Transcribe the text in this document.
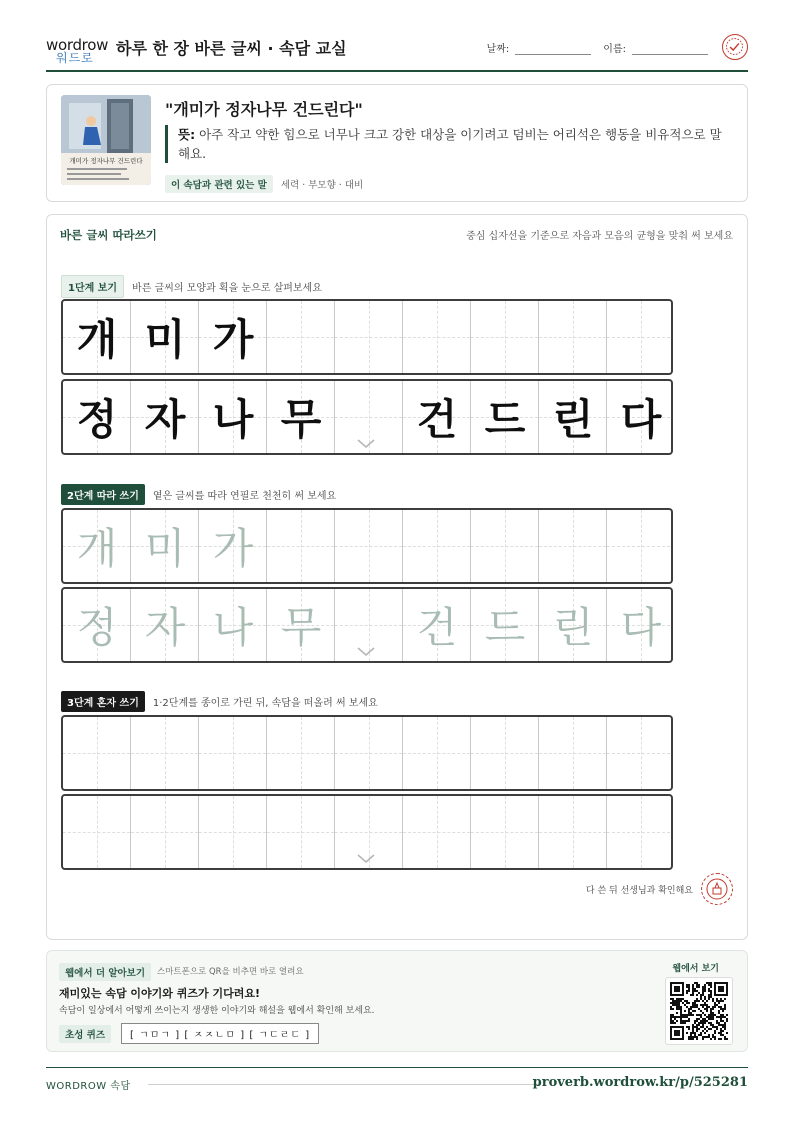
wordrow
워드로 하루 한 장 바른 글씨 · 속담 교실	날짜:	이름:
개미가 정자나무 건드린다
"개미가 정자나무 건드린다"
뜻: 아주 작고 약한 힘으로 너무나 크고 강한 대상을 이기려고 덤비는 어리석은 행동을 비유적으로 말해요.
이 속담과 관련 있는 말	세력 · 부모향 · 대비
바른 글씨 따라쓰기	중심 십자선을 기준으로 자음과 모음의 균형을 맞춰 써 보세요
1단계 보기	바른 글씨의 모양과 획을 눈으로 살펴보세요
개 미 가
정 자 나 무	건 드 린 다
2단계 따라 쓰기	옅은 글씨를 따라 연필로 천천히 써 보세요
개 미 가
정 자 나 무	건 드 린 다
3단계 혼자 쓰기	1·2단계를 종이로 가린 뒤, 속담을 떠올려 써 보세요
다 쓴 뒤 선생님과 확인해요
웹에서 더 알아보기	스마트폰으로 QR을 비추면 바로 열려요
재미있는 속담 이야기와 퀴즈가 기다려요!
속담이 일상에서 어떻게 쓰이는지 생생한 이야기와 해설을 웹에서 확인해 보세요.
초성 퀴즈	[ ㄱㅁㄱ ] [ ㅈㅈㄴㅁ ] [ ㄱㄷㄹㄷ ]
웹에서 보기
WORDROW 속담	proverb.wordrow.kr/p/525281
